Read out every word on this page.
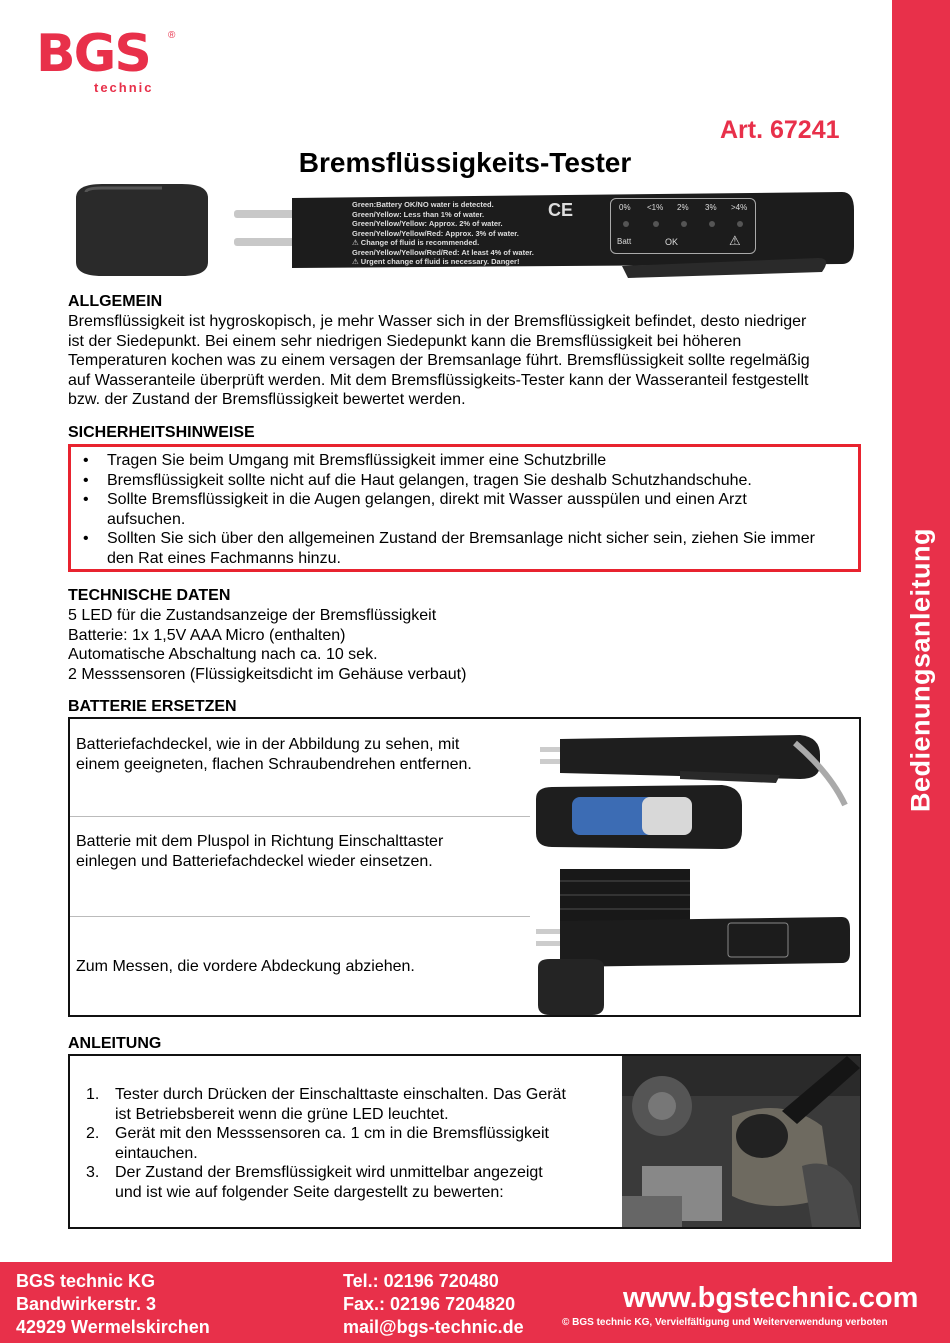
Bedienungsanleitung
BGS
technic
®
Art. 67241
Bremsflüssigkeits-Tester
Green:Battery OK/NO water is detected.
Green/Yellow: Less than 1% of water.
Green/Yellow/Yellow: Approx. 2% of water.
Green/Yellow/Yellow/Red: Approx. 3% of water.
⚠ Change of fluid is recommended.
Green/Yellow/Yellow/Red/Red: At least 4% of water.
⚠ Urgent change of fluid is necessary. Danger!
CE	0% <1% 2% 3% >4%
Batt	OK	⚠
ALLGEMEIN
Bremsflüssigkeit ist hygroskopisch, je mehr Wasser sich in der Bremsflüssigkeit befindet, desto niedriger
ist der Siedepunkt. Bei einem sehr niedrigen Siedepunkt kann die Bremsflüssigkeit bei höheren
Temperaturen kochen was zu einem versagen der Bremsanlage führt. Bremsflüssigkeit sollte regelmäßig
auf Wasseranteile überprüft werden. Mit dem Bremsflüssigkeits-Tester kann der Wasseranteil festgestellt
bzw. der Zustand der Bremsflüssigkeit bewertet werden.
SICHERHEITSHINWEISE
• Tragen Sie beim Umgang mit Bremsflüssigkeit immer eine Schutzbrille
• Bremsflüssigkeit sollte nicht auf die Haut gelangen, tragen Sie deshalb Schutzhandschuhe.
• Sollte Bremsflüssigkeit in die Augen gelangen, direkt mit Wasser ausspülen und einen Arzt
aufsuchen.
• Sollten Sie sich über den allgemeinen Zustand der Bremsanlage nicht sicher sein, ziehen Sie immer
den Rat eines Fachmanns hinzu.
TECHNISCHE DATEN
5 LED für die Zustandsanzeige der Bremsflüssigkeit
Batterie: 1x 1,5V AAA Micro (enthalten)
Automatische Abschaltung nach ca. 10 sek.
2 Messsensoren (Flüssigkeitsdicht im Gehäuse verbaut)
BATTERIE ERSETZEN
Batteriefachdeckel, wie in der Abbildung zu sehen, mit
einem geeigneten, flachen Schraubendrehen entfernen.
Batterie mit dem Pluspol in Richtung Einschalttaster
einlegen und Batteriefachdeckel wieder einsetzen.
Zum Messen, die vordere Abdeckung abziehen.
ANLEITUNG
1. Tester durch Drücken der Einschalttaste einschalten. Das Gerät
ist Betriebsbereit wenn die grüne LED leuchtet.
2. Gerät mit den Messsensoren ca. 1 cm in die Bremsflüssigkeit
eintauchen.
3. Der Zustand der Bremsflüssigkeit wird unmittelbar angezeigt
und ist wie auf folgender Seite dargestellt zu bewerten:
BGS technic KG
Bandwirkerstr. 3
42929 Wermelskirchen
Tel.: 02196 720480
Fax.: 02196 7204820
mail@bgs-technic.de
www.bgstechnic.com
© BGS technic KG, Vervielfältigung und Weiterverwendung verboten
